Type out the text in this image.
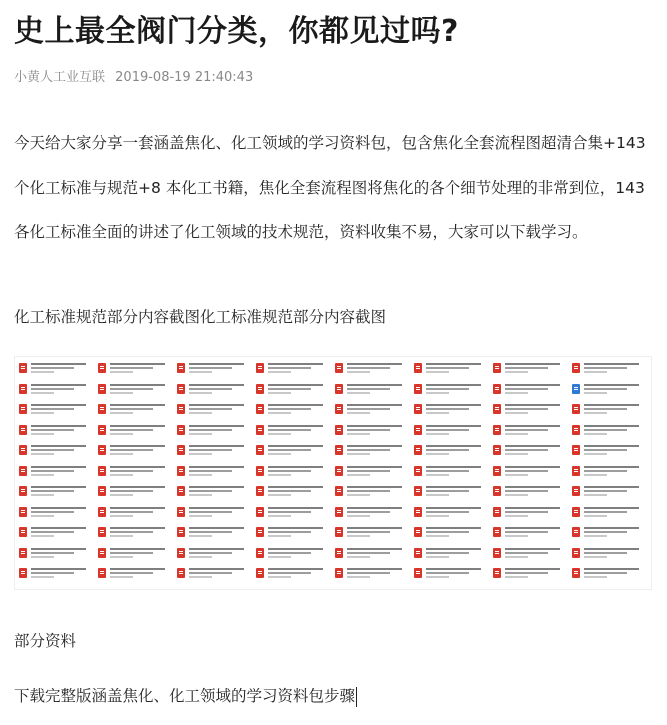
史上最全阀门分类，你都见过吗?
小黄人工业互联 2019-08-19 21:40:43
今天给大家分享一套涵盖焦化、化工领域的学习资料包，包含焦化全套流程图超清合集+143 个化工标准与规范+8 本化工书籍，焦化全套流程图将焦化的各个细节处理的非常到位，143 各化工标准全面的讲述了化工领域的技术规范，资料收集不易，大家可以下载学习。
化工标准规范部分内容截图化工标准规范部分内容截图
部分资料
下载完整版涵盖焦化、化工领域的学习资料包步骤
